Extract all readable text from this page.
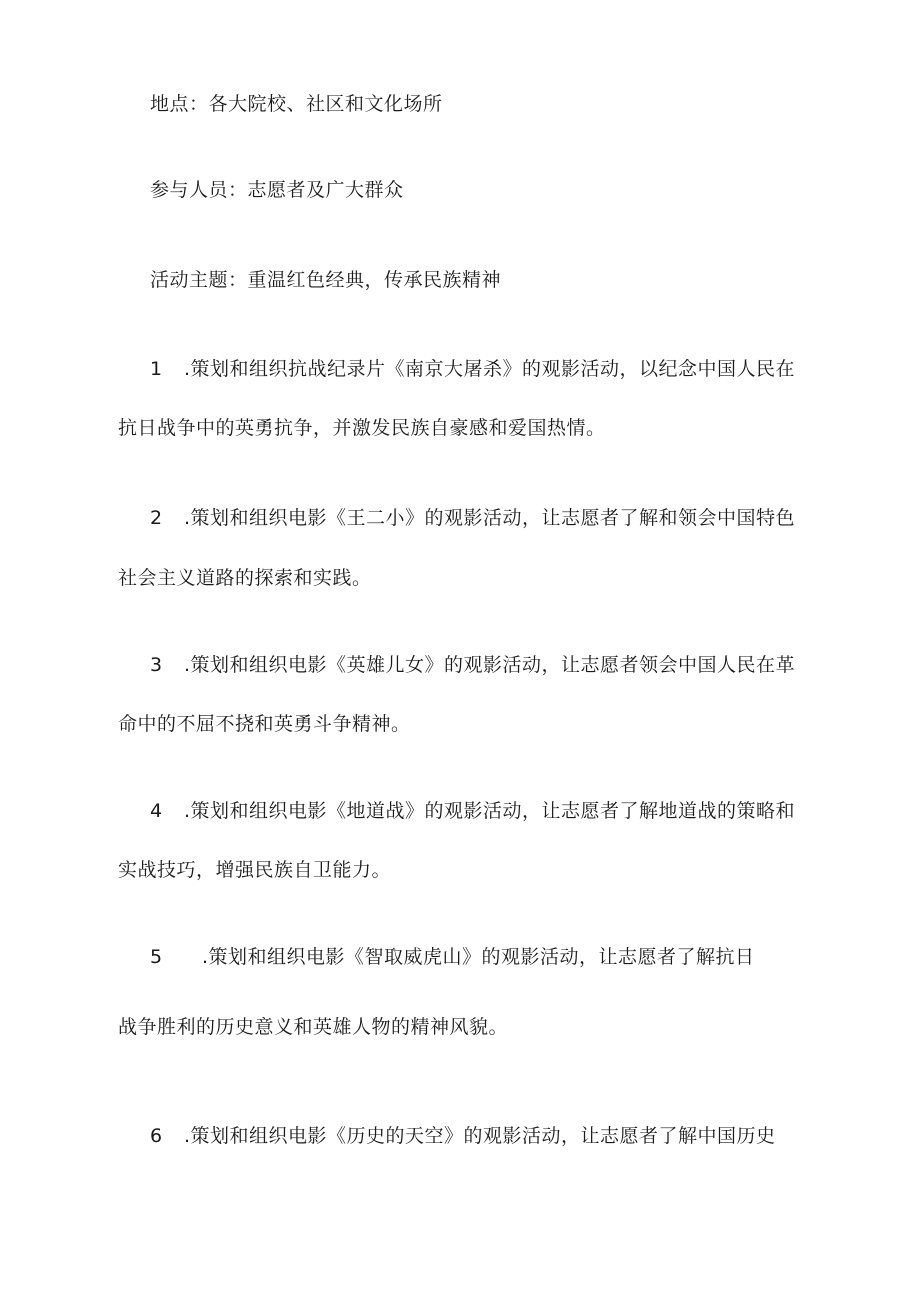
地点：各大院校、社区和文化场所

参与人员：志愿者及广大群众

活动主题：重温红色经典，传承民族精神

1 .策划和组织抗战纪录片《南京大屠杀》的观影活动，以纪念中国人民在

抗日战争中的英勇抗争，并激发民族自豪感和爱国热情。

2 .策划和组织电影《王二小》的观影活动，让志愿者了解和领会中国特色

社会主义道路的探索和实践。

3 .策划和组织电影《英雄儿女》的观影活动，让志愿者领会中国人民在革

命中的不屈不挠和英勇斗争精神。

4 .策划和组织电影《地道战》的观影活动，让志愿者了解地道战的策略和

实战技巧，增强民族自卫能力。

5 .策划和组织电影《智取威虎山》的观影活动，让志愿者了解抗日

战争胜利的历史意义和英雄人物的精神风貌。

6 .策划和组织电影《历史的天空》的观影活动，让志愿者了解中国历史
